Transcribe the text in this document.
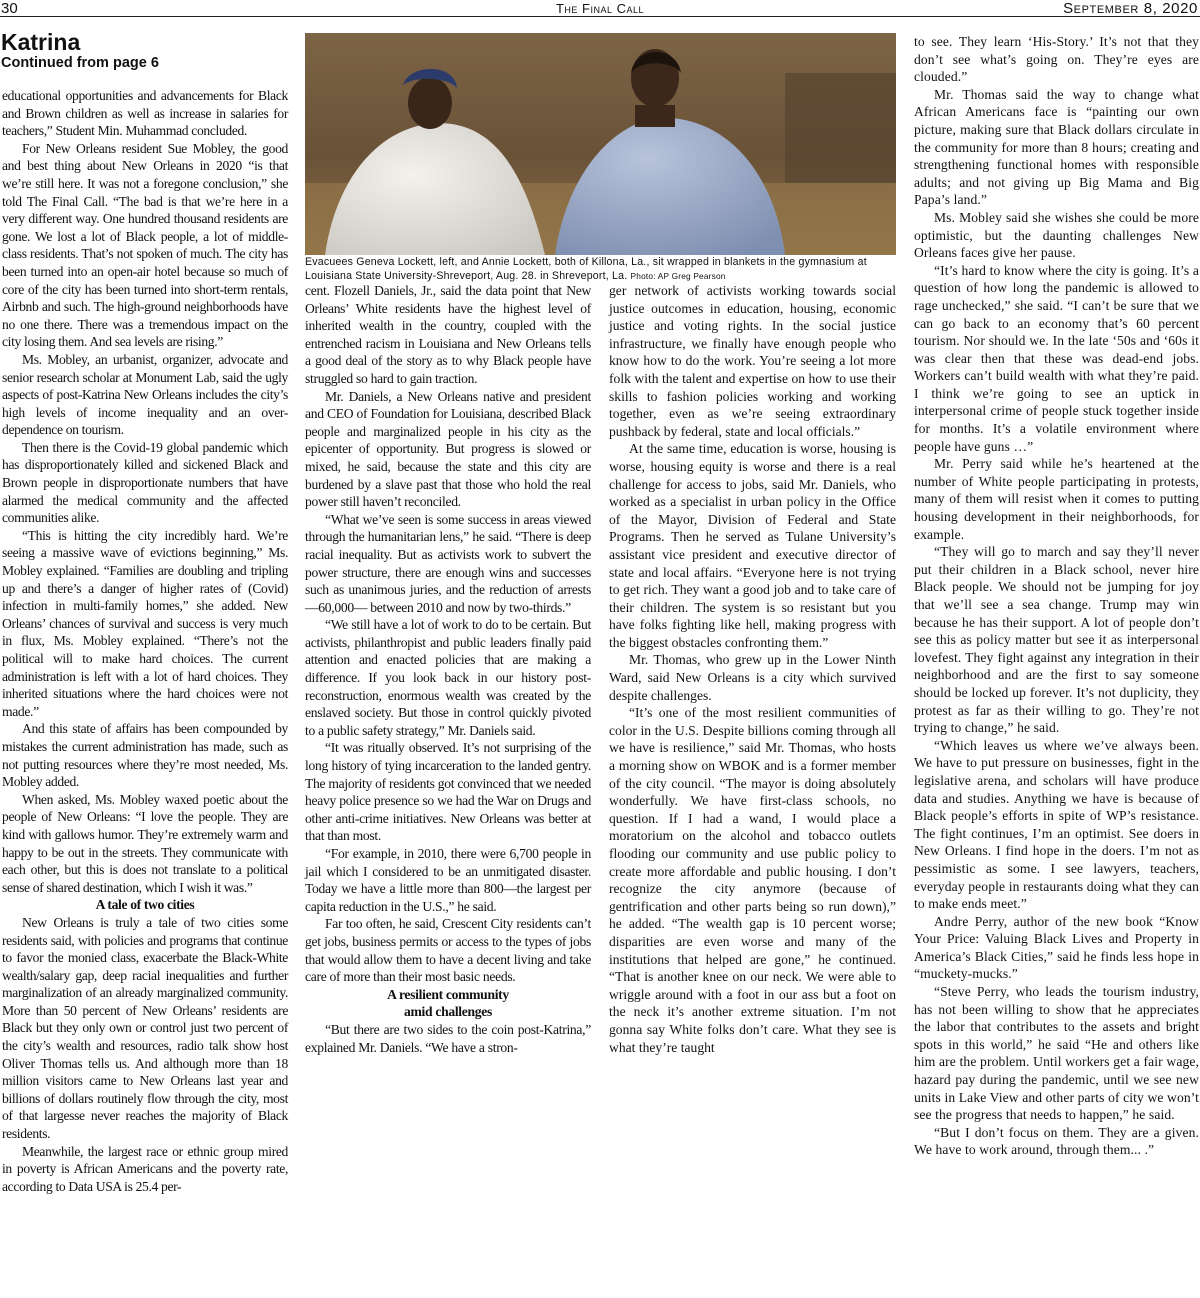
30	The Final Call	September 8, 2020
Katrina
Continued from page 6

educational opportunities and advancements for Black and Brown children as well as increase in salaries for teachers,” Student Min. Muhammad concluded.

For New Orleans resident Sue Mobley, the good and best thing about New Orleans in 2020 “is that we’re still here. It was not a foregone conclusion,” she told The Final Call. “The bad is that we’re here in a very different way. One hundred thousand residents are gone. We lost a lot of Black people, a lot of middle-class residents. That’s not spoken of much. The city has been turned into an open-air hotel because so much of core of the city has been turned into short-term rentals, Airbnb and such. The high-ground neighborhoods have no one there. There was a tremendous impact on the city losing them. And sea levels are rising.”

Ms. Mobley, an urbanist, organizer, advocate and senior research scholar at Monument Lab, said the ugly aspects of post-Katrina New Orleans includes the city’s high levels of income inequality and an over-dependence on tourism.

Then there is the Covid-19 global pandemic which has disproportionately killed and sickened Black and Brown people in disproportionate numbers that have alarmed the medical community and the affected communities alike.

“This is hitting the city incredibly hard. We’re seeing a massive wave of evictions beginning,” Ms. Mobley explained. “Families are doubling and tripling up and there’s a danger of higher rates of (Covid) infection in multi-family homes,” she added. New Orleans’ chances of survival and success is very much in flux, Ms. Mobley explained. “There’s not the political will to make hard choices. The current administration is left with a lot of hard choices. They inherited situations where the hard choices were not made.”

And this state of affairs has been compounded by mistakes the current administration has made, such as not putting resources where they’re most needed, Ms. Mobley added.

When asked, Ms. Mobley waxed poetic about the people of New Orleans: “I love the people. They are kind with gallows humor. They’re extremely warm and happy to be out in the streets. They communicate with each other, but this is does not translate to a political sense of shared destination, which I wish it was.”

A tale of two cities

New Orleans is truly a tale of two cities some residents said, with policies and programs that continue to favor the monied class, exacerbate the Black-White wealth/salary gap, deep racial inequalities and further marginalization of an already marginalized community. More than 50 percent of New Orleans’ residents are Black but they only own or control just two percent of the city’s wealth and resources, radio talk show host Oliver Thomas tells us. And although more than 18 million visitors came to New Orleans last year and billions of dollars routinely flow through the city, most of that largesse never reaches the majority of Black residents.

Meanwhile, the largest race or ethnic group mired in poverty is African Americans and the poverty rate, according to Data USA is 25.4 per-

Evacuees Geneva Lockett, left, and Annie Lockett, both of Killona, La., sit wrapped in blankets in the gymnasium at Louisiana State University-Shreveport, Aug. 28. in Shreveport, La. Photo: AP Greg Pearson

cent. Flozell Daniels, Jr., said the data point that New Orleans’ White residents have the highest level of inherited wealth in the country, coupled with the entrenched racism in Louisiana and New Orleans tells a good deal of the story as to why Black people have struggled so hard to gain traction.

Mr. Daniels, a New Orleans native and president and CEO of Foundation for Louisiana, described Black people and marginalized people in his city as the epicenter of opportunity. But progress is slowed or mixed, he said, because the state and this city are burdened by a slave past that those who hold the real power still haven’t reconciled.

“What we’ve seen is some success in areas viewed through the humanitarian lens,” he said. “There is deep racial inequality. But as activists work to subvert the power structure, there are enough wins and successes such as unanimous juries, and the reduction of arrests—60,000— between 2010 and now by two-thirds.”

“We still have a lot of work to do to be certain. But activists, philanthropist and public leaders finally paid attention and enacted policies that are making a difference. If you look back in our history post-reconstruction, enormous wealth was created by the enslaved society. But those in control quickly pivoted to a public safety strategy,” Mr. Daniels said.

“It was ritually observed. It’s not surprising of the long history of tying incarceration to the landed gentry. The majority of residents got convinced that we needed heavy police presence so we had the War on Drugs and other anti-crime initiatives. New Orleans was better at that than most.

“For example, in 2010, there were 6,700 people in jail which I considered to be an unmitigated disaster. Today we have a little more than 800—the largest per capita reduction in the U.S.,” he said.

Far too often, he said, Crescent City residents can’t get jobs, business permits or access to the types of jobs that would allow them to have a decent living and take care of more than their most basic needs.

A resilient community
amid challenges

“But there are two sides to the coin post-Katrina,” explained Mr. Daniels. “We have a stron-

ger network of activists working towards social justice outcomes in education, housing, economic justice and voting rights. In the social justice infrastructure, we finally have enough people who know how to do the work. You’re seeing a lot more folk with the talent and expertise on how to use their skills to fashion policies working and working together, even as we’re seeing extraordinary pushback by federal, state and local officials.”

At the same time, education is worse, housing is worse, housing equity is worse and there is a real challenge for access to jobs, said Mr. Daniels, who worked as a specialist in urban policy in the Office of the Mayor, Division of Federal and State Programs. Then he served as Tulane University’s assistant vice president and executive director of state and local affairs. “Everyone here is not trying to get rich. They want a good job and to take care of their children. The system is so resistant but you have folks fighting like hell, making progress with the biggest obstacles confronting them.”

Mr. Thomas, who grew up in the Lower Ninth Ward, said New Orleans is a city which survived despite challenges.

“It’s one of the most resilient communities of color in the U.S. Despite billions coming through all we have is resilience,” said Mr. Thomas, who hosts a morning show on WBOK and is a former member of the city council. “The mayor is doing absolutely wonderfully. We have first-class schools, no question. If I had a wand, I would place a moratorium on the alcohol and tobacco outlets flooding our community and use public policy to create more affordable and public housing. I don’t recognize the city anymore (because of gentrification and other parts being so run down),” he added. “The wealth gap is 10 percent worse; disparities are even worse and many of the institutions that helped are gone,” he continued. “That is another knee on our neck. We were able to wriggle around with a foot in our ass but a foot on the neck it’s another extreme situation. I’m not gonna say White folks don’t care. What they see is what they’re taught

to see. They learn ‘His-Story.’ It’s not that they don’t see what’s going on. They’re eyes are clouded.”

Mr. Thomas said the way to change what African Americans face is “painting our own picture, making sure that Black dollars circulate in the community for more than 8 hours; creating and strengthening functional homes with responsible adults; and not giving up Big Mama and Big Papa’s land.”

Ms. Mobley said she wishes she could be more optimistic, but the daunting challenges New Orleans faces give her pause.

“It’s hard to know where the city is going. It’s a question of how long the pandemic is allowed to rage unchecked,” she said. “I can’t be sure that we can go back to an economy that’s 60 percent tourism. Nor should we. In the late ‘50s and ‘60s it was clear then that these was dead-end jobs. Workers can’t build wealth with what they’re paid. I think we’re going to see an uptick in interpersonal crime of people stuck together inside for months. It’s a volatile environment where people have guns …”

Mr. Perry said while he’s heartened at the number of White people participating in protests, many of them will resist when it comes to putting housing development in their neighborhoods, for example.

“They will go to march and say they’ll never put their children in a Black school, never hire Black people. We should not be jumping for joy that we’ll see a sea change. Trump may win because he has their support. A lot of people don’t see this as policy matter but see it as interpersonal lovefest. They fight against any integration in their neighborhood and are the first to say someone should be locked up forever. It’s not duplicity, they protest as far as their willing to go. They’re not trying to change,” he said.

“Which leaves us where we’ve always been. We have to put pressure on businesses, fight in the legislative arena, and scholars will have produce data and studies. Anything we have is because of Black people’s efforts in spite of WP’s resistance. The fight continues, I’m an optimist. See doers in New Orleans. I find hope in the doers. I’m not as pessimistic as some. I see lawyers, teachers, everyday people in restaurants doing what they can to make ends meet.”

Andre Perry, author of the new book “Know Your Price: Valuing Black Lives and Property in America’s Black Cities,” said he finds less hope in “muckety-mucks.”

“Steve Perry, who leads the tourism industry, has not been willing to show that he appreciates the labor that contributes to the assets and bright spots in this world,” he said “He and others like him are the problem. Until workers get a fair wage, hazard pay during the pandemic, until we see new units in Lake View and other parts of city we won’t see the progress that needs to happen,” he said.

“But I don’t focus on them. They are a given. We have to work around, through them... .”
